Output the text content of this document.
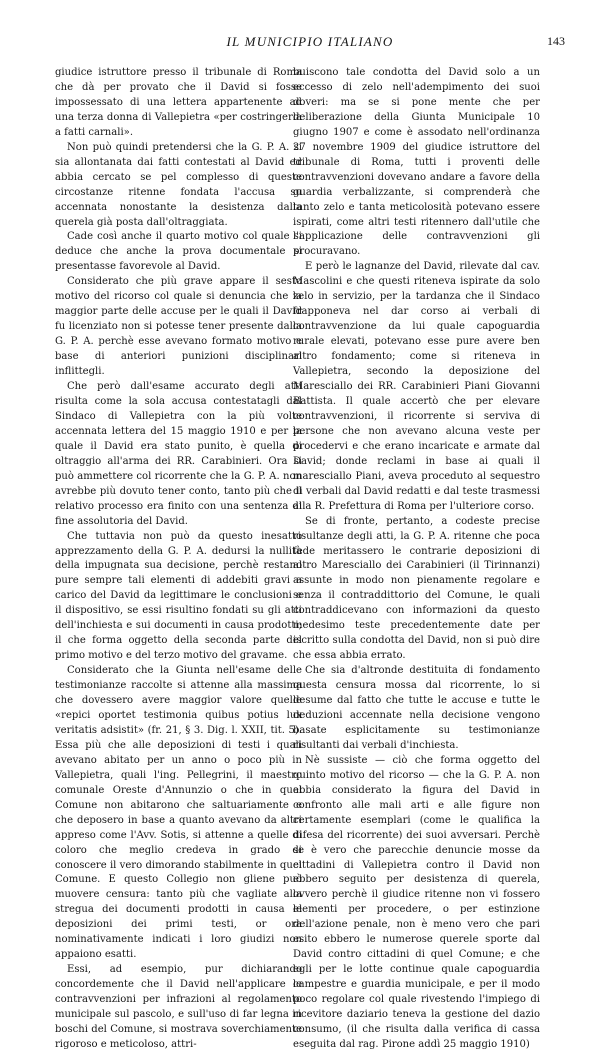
IL MUNICIPIO ITALIANO	143

giudice istruttore presso il tribunale di Roma che dà per provato che il David si fosse impossessato di una lettera appartenente ad una terza donna di Vallepietra «per costringerla a fatti carnali».

Non può quindi pretendersi che la G. P. A. si sia allontanata dai fatti contestati al David ed abbia cercato se pel complesso di queste circostanze ritenne fondata l'accusa su accennata nonostante la desistenza dalla querela già posta dall'oltraggiata.

Cade così anche il quarto motivo col quale si deduce che anche la prova documentale si presentasse favorevole al David.

Considerato che più grave appare il sesto motivo del ricorso col quale si denuncia che la maggior parte delle accuse per le quali il David fu licenziato non si potesse tener presente dalla G. P. A. perchè esse avevano formato motivo e base di anteriori punizioni disciplinari inflittegli.

Che però dall'esame accurato degli atti risulta come la sola accusa contestatagli dal Sindaco di Vallepietra con la più volte accennata lettera del 15 maggio 1910 e per la quale il David era stato punito, è quella di oltraggio all'arma dei RR. Carabinieri. Ora si può ammettere col ricorrente che la G. P. A. non avrebbe più dovuto tener conto, tanto più che il relativo processo era finito con una sentenza di fine assolutoria del David.

Che tuttavia non può da questo inesatto apprezzamento della G. P. A. dedursi la nullità della impugnata sua decisione, perchè restano pure sempre tali elementi di addebiti gravi a carico del David da legittimare le conclusioni e il dispositivo, se essi risultino fondati su gli atti dell'inchiesta e sui documenti in causa prodotti; il che forma oggetto della seconda parte del primo motivo e del terzo motivo del gravame.

Considerato che la Giunta nell'esame delle testimonianze raccolte si attenne alla massima che dovessero avere maggior valore quelle «repici oportet testimonia quibus potius lux veritatis adsistit» (fr. 21, § 3. Dig. l. XXII, tit. 5). Essa più che alle deposizioni di testi i quali avevano abitato per un anno o poco più in Vallepietra, quali l'ing. Pellegrini, il maestro comunale Oreste d'Annunzio o che in quel Comune non abitarono che saltuariamente e che deposero in base a quanto avevano da altri appreso come l'Avv. Sotis, si attenne a quelle di coloro che meglio credeva in grado di conoscere il vero dimorando stabilmente in quel Comune. E questo Collegio non gliene può muovere censura: tanto più che vagliate alla stregua dei documenti prodotti in causa le deposizioni dei primi testi, or ora nominativamente indicati i loro giudizi non appaiono esatti.

Essi, ad esempio, pur dichiarando concordemente che il David nell'applicare le contravvenzioni per infrazioni al regolamento municipale sul pascolo, e sull'uso di far legna in boschi del Comune, si mostrava soverchiamente rigoroso e meticoloso, attri-

buiscono tale condotta del David solo a un eccesso di zelo nell'adempimento dei suoi doveri: ma se si pone mente che per deliberazione della Giunta Municipale 10 giugno 1907 e come è assodato nell'ordinanza 27 novembre 1909 del giudice istruttore del tribunale di Roma, tutti i proventi delle contravvenzioni dovevano andare a favore della guardia verbalizzante, si comprenderà che tanto zelo e tanta meticolosità potevano essere ispirati, come altri testi ritennero dall'utile che l'applicazione delle contravvenzioni gli procuravano.

E però le lagnanze del David, rilevate dal cav. Mascolini e che questi riteneva ispirate da solo zelo in servizio, per la tardanza che il Sindaco frapponeva nel dar corso ai verbali di contravvenzione da lui quale capoguardia rurale elevati, potevano esse pure avere ben altro fondamento; come si riteneva in Vallepietra, secondo la deposizione del Maresciallo dei RR. Carabinieri Piani Giovanni Battista. Il quale accertò che per elevare contravvenzioni, il ricorrente si serviva di persone che non avevano alcuna veste per procedervi e che erano incaricate e armate dal David; donde reclami in base ai quali il maresciallo Piani, aveva proceduto al sequestro di verbali dal David redatti e dal teste trasmessi alla R. Prefettura di Roma per l'ulteriore corso.

Se di fronte, pertanto, a codeste precise risultanze degli atti, la G. P. A. ritenne che poca fede meritassero le contrarie deposizioni di altro Maresciallo dei Carabinieri (il Tirinnanzi) assunte in modo non pienamente regolare e senza il contraddittorio del Comune, le quali contraddicevano con informazioni da questo medesimo teste precedentemente date per iscritto sulla condotta del David, non si può dire che essa abbia errato.

Che sia d'altronde destituita di fondamento questa censura mossa dal ricorrente, lo si desume dal fatto che tutte le accuse e tutte le deduzioni accennate nella decisione vengono basate esplicitamente su testimonianze risultanti dai verbali d'inchiesta.

Nè sussiste — ciò che forma oggetto del quinto motivo del ricorso — che la G. P. A. non abbia considerato la figura del David in confronto alle mali arti e alle figure non certamente esemplari (come le qualifica la difesa del ricorrente) dei suoi avversari. Perchè se è vero che parecchie denuncie mosse da cittadini di Vallepietra contro il David non ebbero seguito per desistenza di querela, ovvero perchè il giudice ritenne non vi fossero elementi per procedere, o per estinzione dell'azione penale, non è meno vero che pari esito ebbero le numerose querele sporte dal David contro cittadini di quel Comune; e che egli per le lotte continue quale capoguardia campestre e guardia municipale, e per il modo poco regolare col quale rivestendo l'impiego di ricevitore daziario teneva la gestione del dazio consumo, (il che risulta dalla verifica di cassa eseguita dal rag. Pirone addì 25 maggio 1910)
